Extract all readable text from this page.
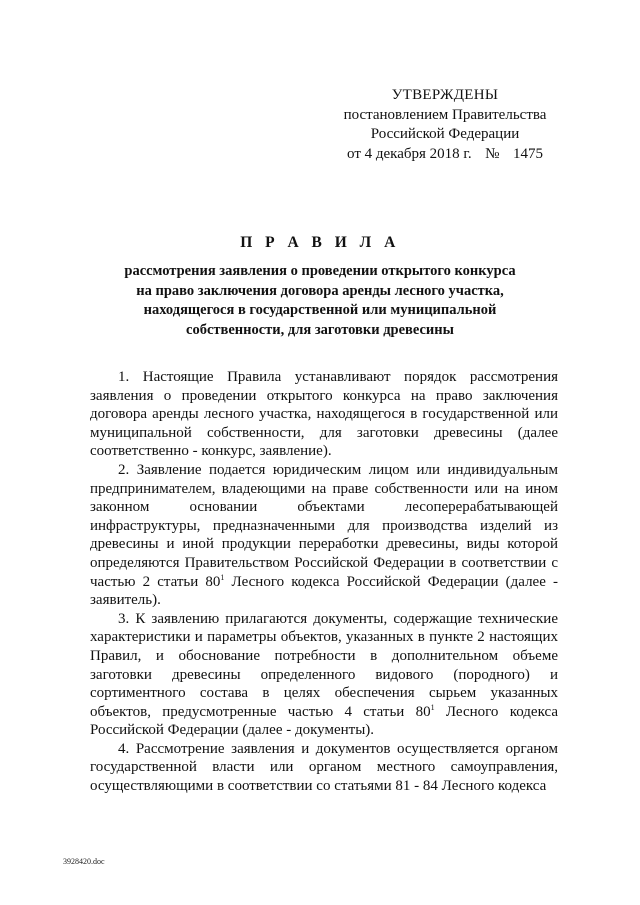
УТВЕРЖДЕНЫ
постановлением Правительства
Российской Федерации
от 4 декабря 2018 г. № 1475
П Р А В И Л А
рассмотрения заявления о проведении открытого конкурса
на право заключения договора аренды лесного участка,
находящегося в государственной или муниципальной
собственности, для заготовки древесины

1. Настоящие Правила устанавливают порядок рассмотрения заявления о проведении открытого конкурса на право заключения договора аренды лесного участка, находящегося в государственной или муниципальной собственности, для заготовки древесины (далее соответственно - конкурс, заявление).

2. Заявление подается юридическим лицом или индивидуальным предпринимателем, владеющими на праве собственности или на ином законном основании объектами лесоперерабатывающей инфраструктуры, предназначенными для производства изделий из древесины и иной продукции переработки древесины, виды которой определяются Правительством Российской Федерации в соответствии с частью 2 статьи $80^1$ Лесного кодекса Российской Федерации (далее - заявитель).

3. К заявлению прилагаются документы, содержащие технические характеристики и параметры объектов, указанных в пункте 2 настоящих Правил, и обоснование потребности в дополнительном объеме заготовки древесины определенного видового (породного) и сортиментного состава в целях обеспечения сырьем указанных объектов, предусмотренные частью 4 статьи $80^1$ Лесного кодекса Российской Федерации (далее - документы).

4. Рассмотрение заявления и документов осуществляется органом государственной власти или органом местного самоуправления, осуществляющими в соответствии со статьями 81 - 84 Лесного кодекса

3928420.doc
